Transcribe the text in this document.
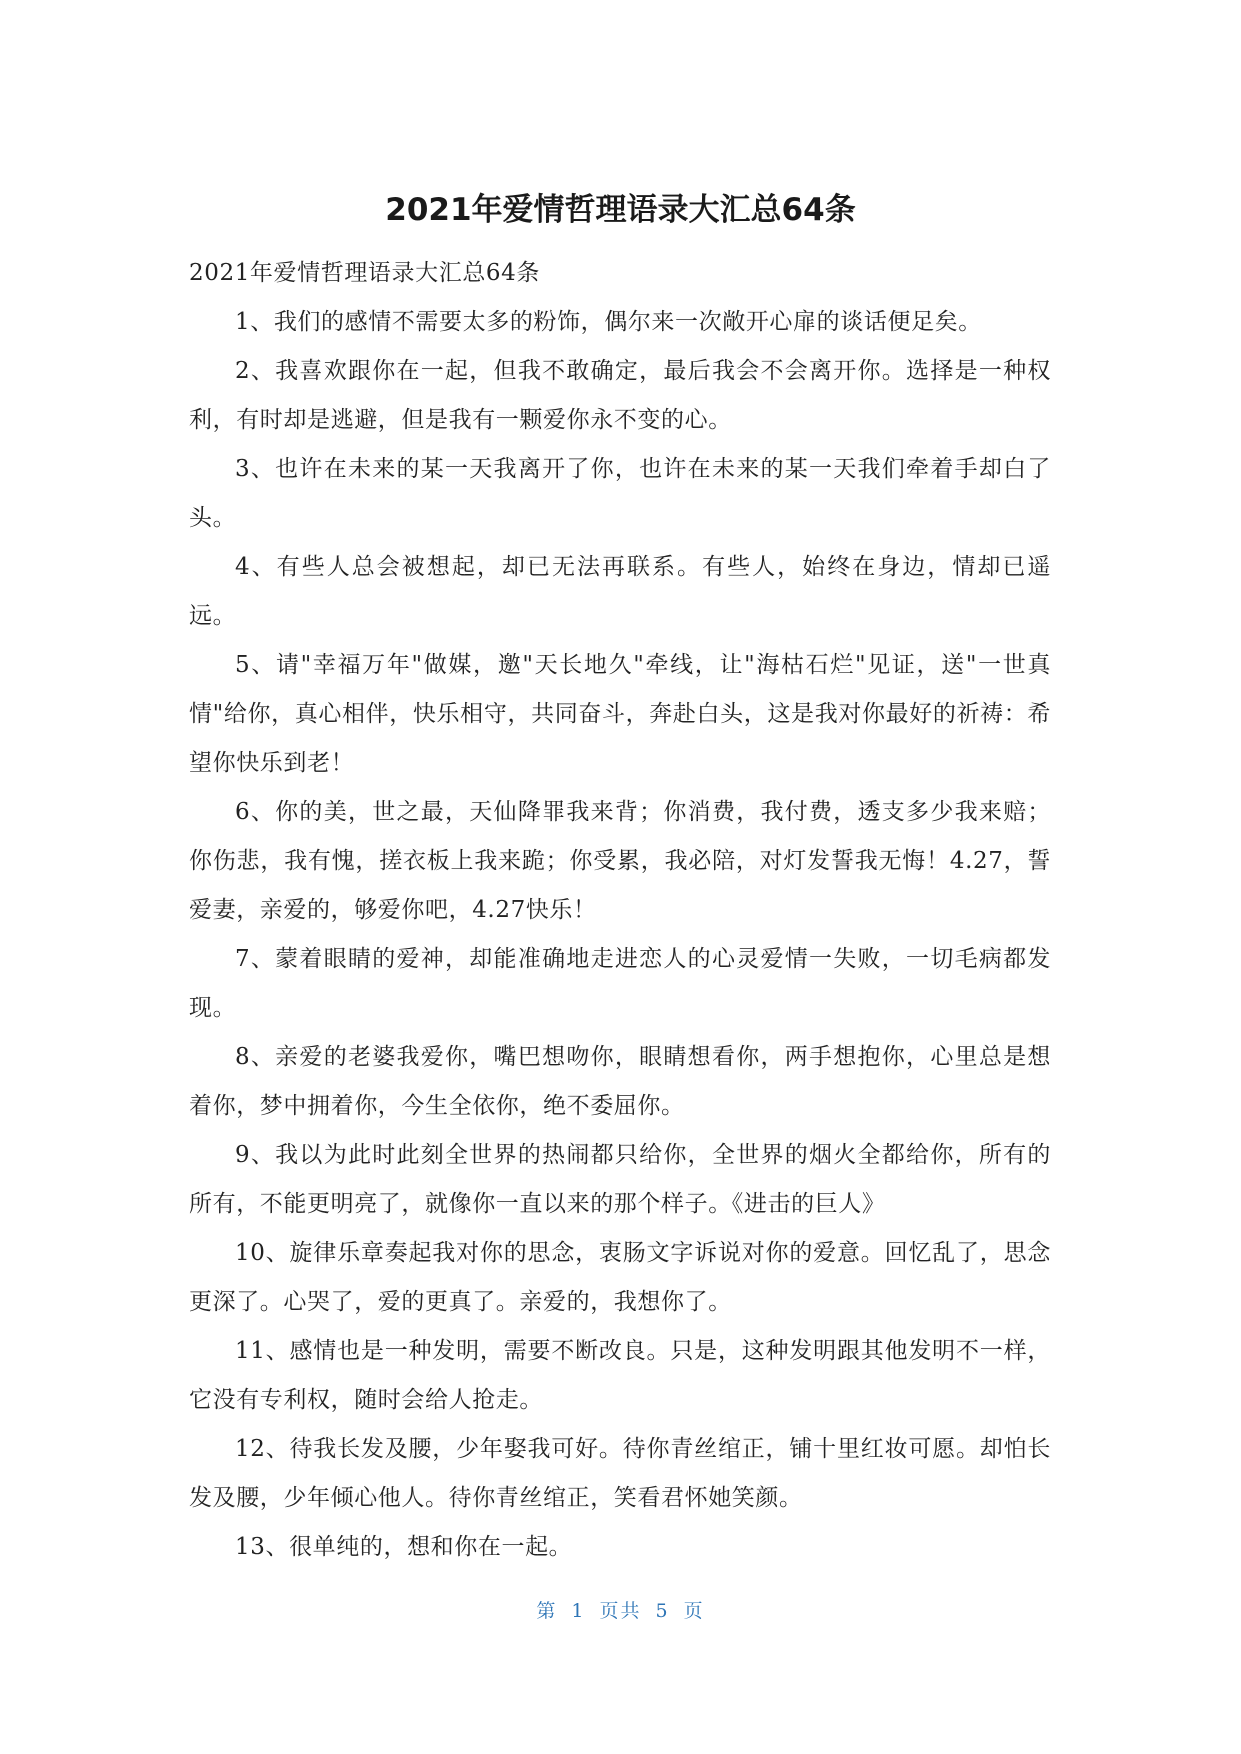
2021年爱情哲理语录大汇总64条

2021年爱情哲理语录大汇总64条

1、我们的感情不需要太多的粉饰，偶尔来一次敞开心扉的谈话便足矣。

2、我喜欢跟你在一起，但我不敢确定，最后我会不会离开你。选择是一种权利，有时却是逃避，但是我有一颗爱你永不变的心。

3、也许在未来的某一天我离开了你，也许在未来的某一天我们牵着手却白了头。

4、有些人总会被想起，却已无法再联系。有些人，始终在身边，情却已遥远。

5、请"幸福万年"做媒，邀"天长地久"牵线，让"海枯石烂"见证，送"一世真情"给你，真心相伴，快乐相守，共同奋斗，奔赴白头，这是我对你最好的祈祷：希望你快乐到老！

6、你的美，世之最，天仙降罪我来背；你消费，我付费，透支多少我来赔；你伤悲，我有愧，搓衣板上我来跪；你受累，我必陪，对灯发誓我无悔！4.27，誓爱妻，亲爱的，够爱你吧，4.27快乐！

7、蒙着眼睛的爱神，却能准确地走进恋人的心灵爱情一失败，一切毛病都发现。

8、亲爱的老婆我爱你，嘴巴想吻你，眼睛想看你，两手想抱你，心里总是想着你，梦中拥着你，今生全依你，绝不委屈你。

9、我以为此时此刻全世界的热闹都只给你，全世界的烟火全都给你，所有的所有，不能更明亮了，就像你一直以来的那个样子。《进击的巨人》

10、旋律乐章奏起我对你的思念，衷肠文字诉说对你的爱意。回忆乱了，思念更深了。心哭了，爱的更真了。亲爱的，我想你了。

11、感情也是一种发明，需要不断改良。只是，这种发明跟其他发明不一样，它没有专利权，随时会给人抢走。

12、待我长发及腰，少年娶我可好。待你青丝绾正，铺十里红妆可愿。却怕长发及腰，少年倾心他人。待你青丝绾正，笑看君怀她笑颜。

13、很单纯的，想和你在一起。

第 1 页共 5 页
